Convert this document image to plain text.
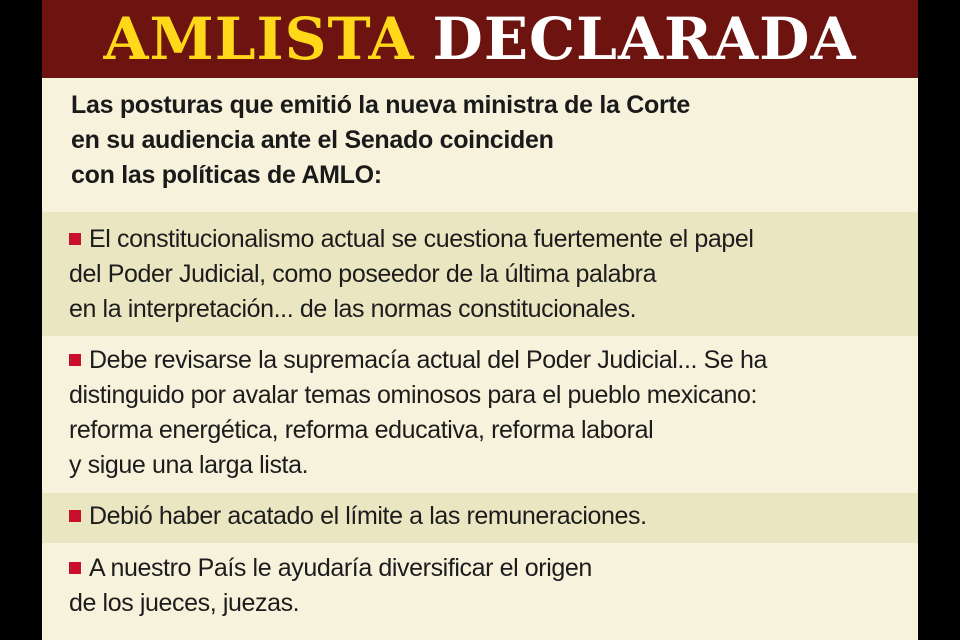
AMLISTA DECLARADA
Las posturas que emitió la nueva ministra de la Corte
en su audiencia ante el Senado coinciden
con las políticas de AMLO:
El constitucionalismo actual se cuestiona fuertemente el papel
del Poder Judicial, como poseedor de la última palabra
en la interpretación... de las normas constitucionales.
Debe revisarse la supremacía actual del Poder Judicial... Se ha
distinguido por avalar temas ominosos para el pueblo mexicano:
reforma energética, reforma educativa, reforma laboral
y sigue una larga lista.
Debió haber acatado el límite a las remuneraciones.
A nuestro País le ayudaría diversificar el origen
de los jueces, juezas.
